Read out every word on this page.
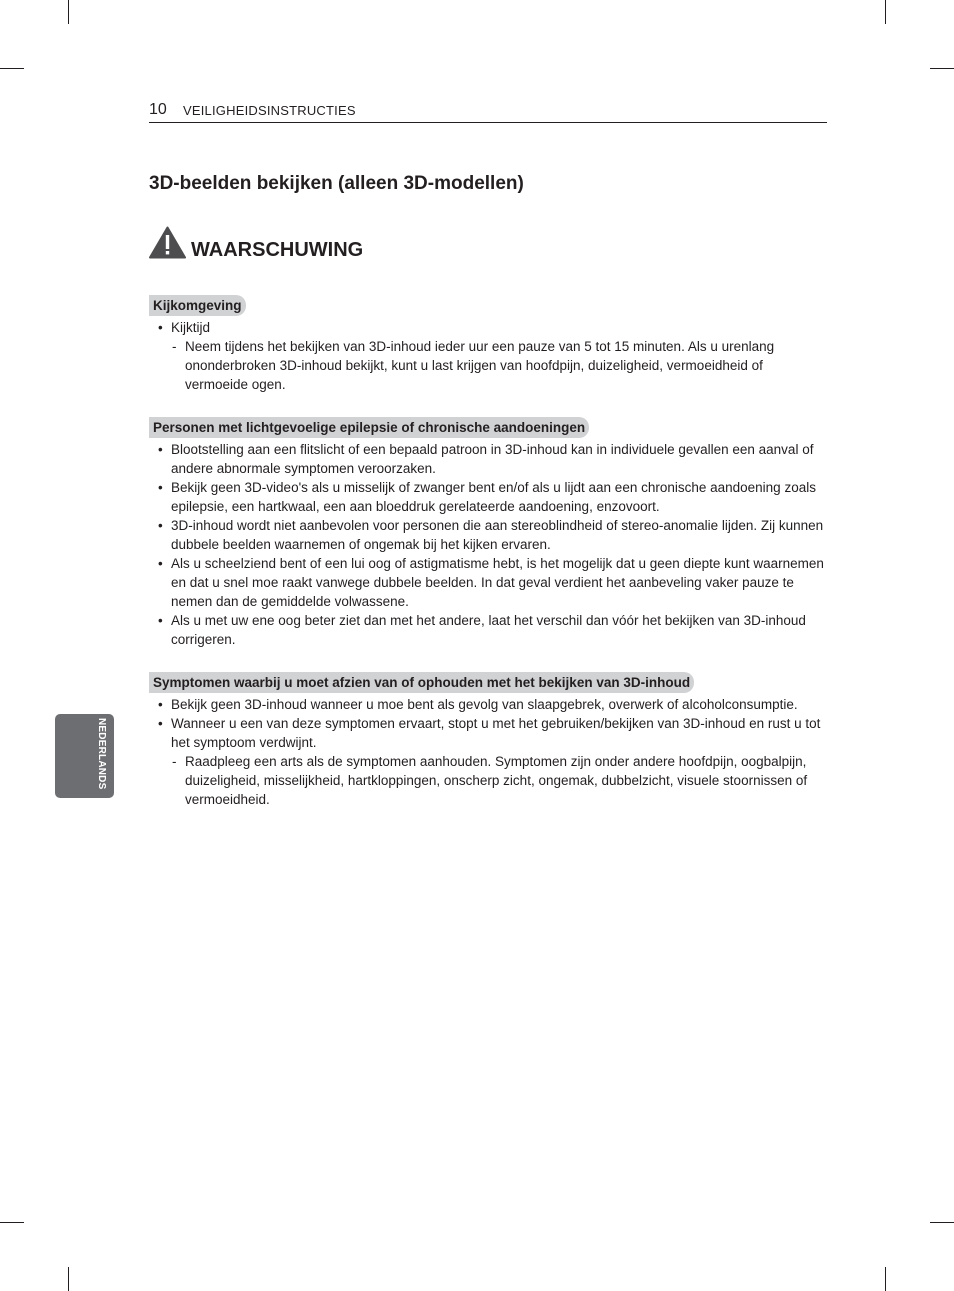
10 VEILIGHEIDSINSTRUCTIES
NEDERLANDS
3D-beelden bekijken (alleen 3D-modellen)
WAARSCHUWING
Kijkomgeving
• Kijktijd
- Neem tijdens het bekijken van 3D-inhoud ieder uur een pauze van 5 tot 15 minuten. Als u urenlang ononderbroken 3D-inhoud bekijkt, kunt u last krijgen van hoofdpijn, duizeligheid, vermoeidheid of vermoeide ogen.
Personen met lichtgevoelige epilepsie of chronische aandoeningen
• Blootstelling aan een flitslicht of een bepaald patroon in 3D-inhoud kan in individuele gevallen een aanval of andere abnormale symptomen veroorzaken.
• Bekijk geen 3D-video's als u misselijk of zwanger bent en/of als u lijdt aan een chronische aandoening zoals epilepsie, een hartkwaal, een aan bloeddruk gerelateerde aandoening, enzovoort.
• 3D-inhoud wordt niet aanbevolen voor personen die aan stereoblindheid of stereo-anomalie lijden. Zij kunnen dubbele beelden waarnemen of ongemak bij het kijken ervaren.
• Als u scheelziend bent of een lui oog of astigmatisme hebt, is het mogelijk dat u geen diepte kunt waarnemen en dat u snel moe raakt vanwege dubbele beelden. In dat geval verdient het aanbeveling vaker pauze te nemen dan de gemiddelde volwassene.
• Als u met uw ene oog beter ziet dan met het andere, laat het verschil dan vóór het bekijken van 3D-inhoud corrigeren.
Symptomen waarbij u moet afzien van of ophouden met het bekijken van 3D-inhoud
• Bekijk geen 3D-inhoud wanneer u moe bent als gevolg van slaapgebrek, overwerk of alcoholconsumptie.
• Wanneer u een van deze symptomen ervaart, stopt u met het gebruiken/bekijken van 3D-inhoud en rust u tot het symptoom verdwijnt.
- Raadpleeg een arts als de symptomen aanhouden. Symptomen zijn onder andere hoofdpijn, oogbalpijn, duizeligheid, misselijkheid, hartkloppingen, onscherp zicht, ongemak, dubbelzicht, visuele stoornissen of vermoeidheid.
